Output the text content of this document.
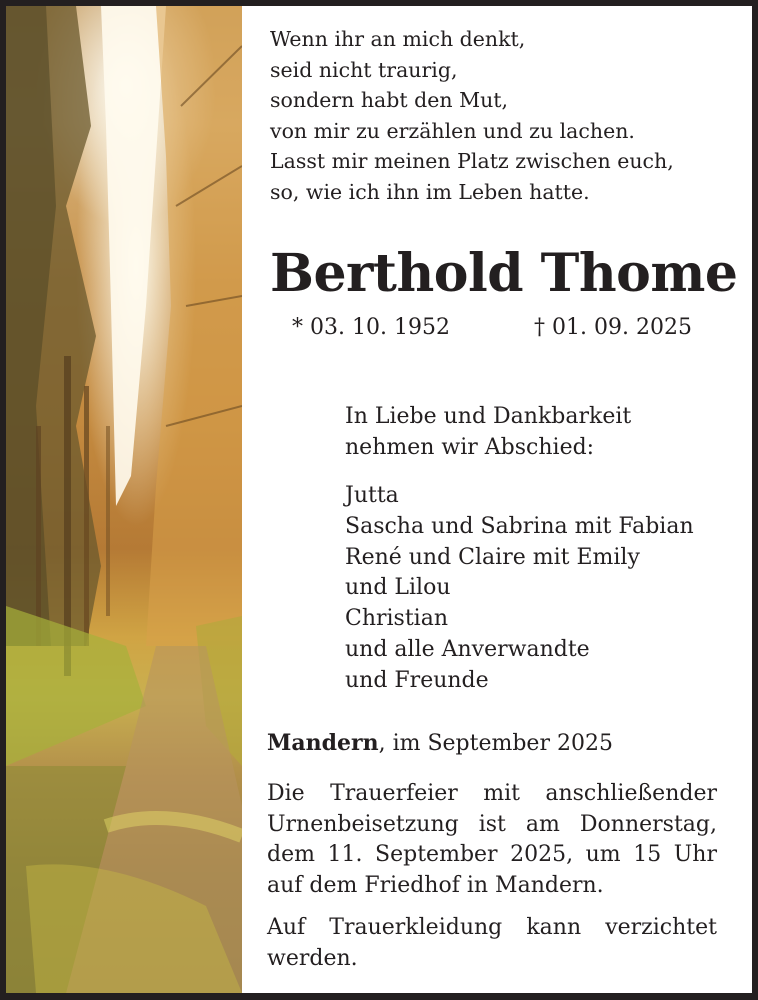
Wenn ihr an mich denkt,
seid nicht traurig,
sondern habt den Mut,
von mir zu erzählen und zu lachen.
Lasst mir meinen Platz zwischen euch,
so, wie ich ihn im Leben hatte.
Berthold Thome
* 03. 10. 1952	† 01. 09. 2025
In Liebe und Dankbarkeit
nehmen wir Abschied:
Jutta
Sascha und Sabrina mit Fabian
René und Claire mit Emily
und Lilou
Christian
und alle Anverwandte
und Freunde
Mandern, im September 2025
Die Trauerfeier mit anschließender
Urnenbeisetzung ist am Donnerstag,
dem 11. September 2025, um 15 Uhr
auf dem Friedhof in Mandern.
Auf Trauerkleidung kann verzichtet
werden.
